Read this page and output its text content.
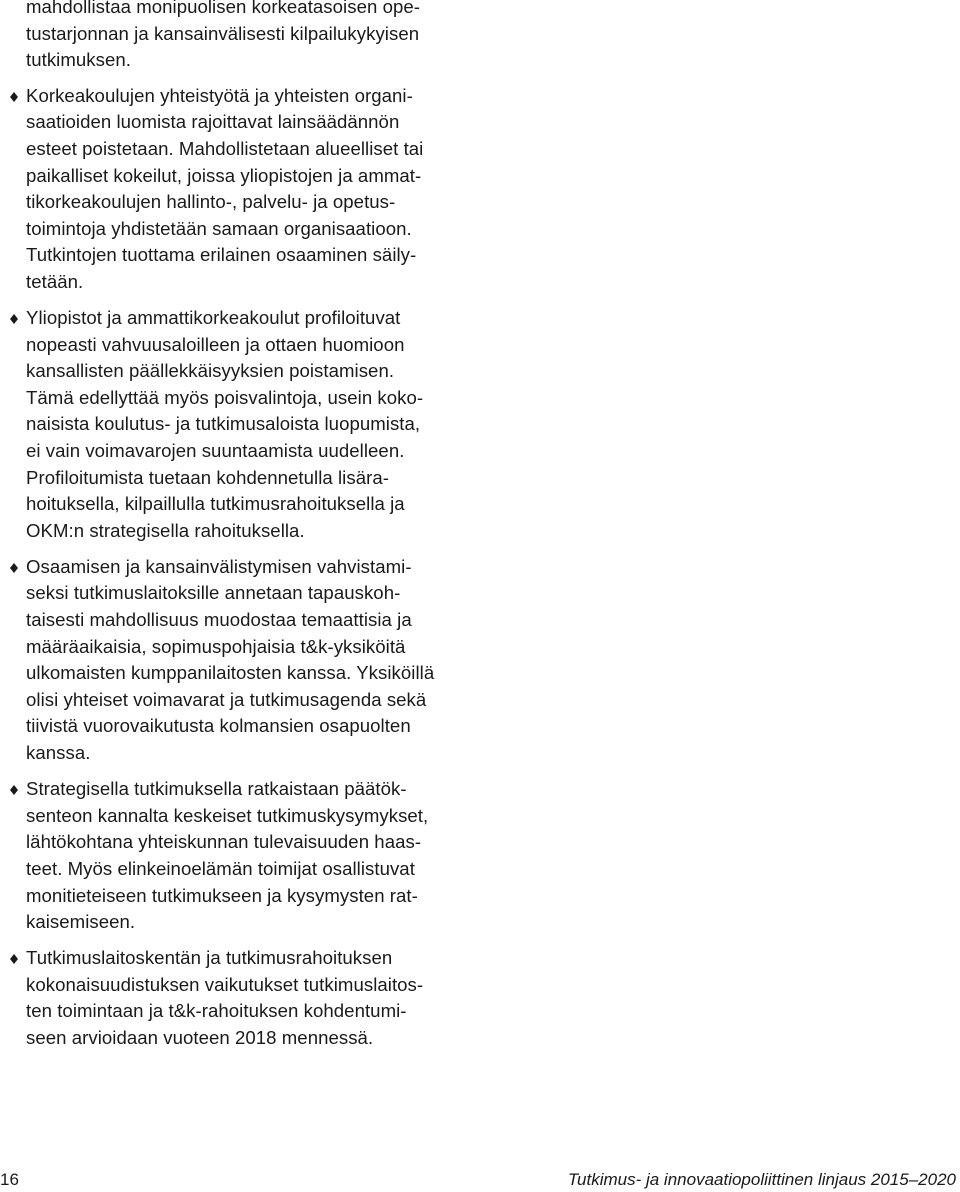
mahdollistaa monipuolisen korkeatasoisen ope-
tustarjonnan ja kansainvälisesti kilpailukykyisen
tutkimuksen.
Korkeakoulujen yhteistyötä ja yhteisten organi-
saatioiden luomista rajoittavat lainsäädännön
esteet poistetaan. Mahdollistetaan alueelliset tai
paikalliset kokeilut, joissa yliopistojen ja ammat-
tikorkeakoulujen hallinto-, palvelu- ja opetus-
toimintoja yhdistetään samaan organisaatioon.
Tutkintojen tuottama erilainen osaaminen säily-
tetään.
Yliopistot ja ammattikorkeakoulut profiloituvat
nopeasti vahvuusaloilleen ja ottaen huomioon
kansallisten päällekkäisyyksien poistamisen.
Tämä edellyttää myös poisvalintoja, usein koko-
naisista koulutus- ja tutkimusaloista luopumista,
ei vain voimavarojen suuntaamista uudelleen.
Profiloitumista tuetaan kohdennetulla lisära-
hoituksella, kilpaillulla tutkimusrahoituksella ja
OKM:n strategisella rahoituksella.
Osaamisen ja kansainvälistymisen vahvistami-
seksi tutkimuslaitoksille annetaan tapauskoh-
taisesti mahdollisuus muodostaa temaattisia ja
määräaikaisia, sopimuspohjaisia t&k-yksiköitä
ulkomaisten kumppanilaitosten kanssa. Yksiköillä
olisi yhteiset voimavarat ja tutkimusagenda sekä
tiivistä vuorovaikutusta kolmansien osapuolten
kanssa.
Strategisella tutkimuksella ratkaistaan päätök-
senteon kannalta keskeiset tutkimuskysymykset,
lähtökohtana yhteiskunnan tulevaisuuden haas-
teet. Myös elinkeinoelämän toimijat osallistuvat
monitieteiseen tutkimukseen ja kysymysten rat-
kaisemiseen.
Tutkimuslaitoskentän ja tutkimusrahoituksen
kokonaisuudistuksen vaikutukset tutkimuslaitos-
ten toimintaan ja t&k-rahoituksen kohdentumi-
seen arvioidaan vuoteen 2018 mennessä.
16	Tutkimus- ja innovaatiopoliittinen linjaus 2015–2020
